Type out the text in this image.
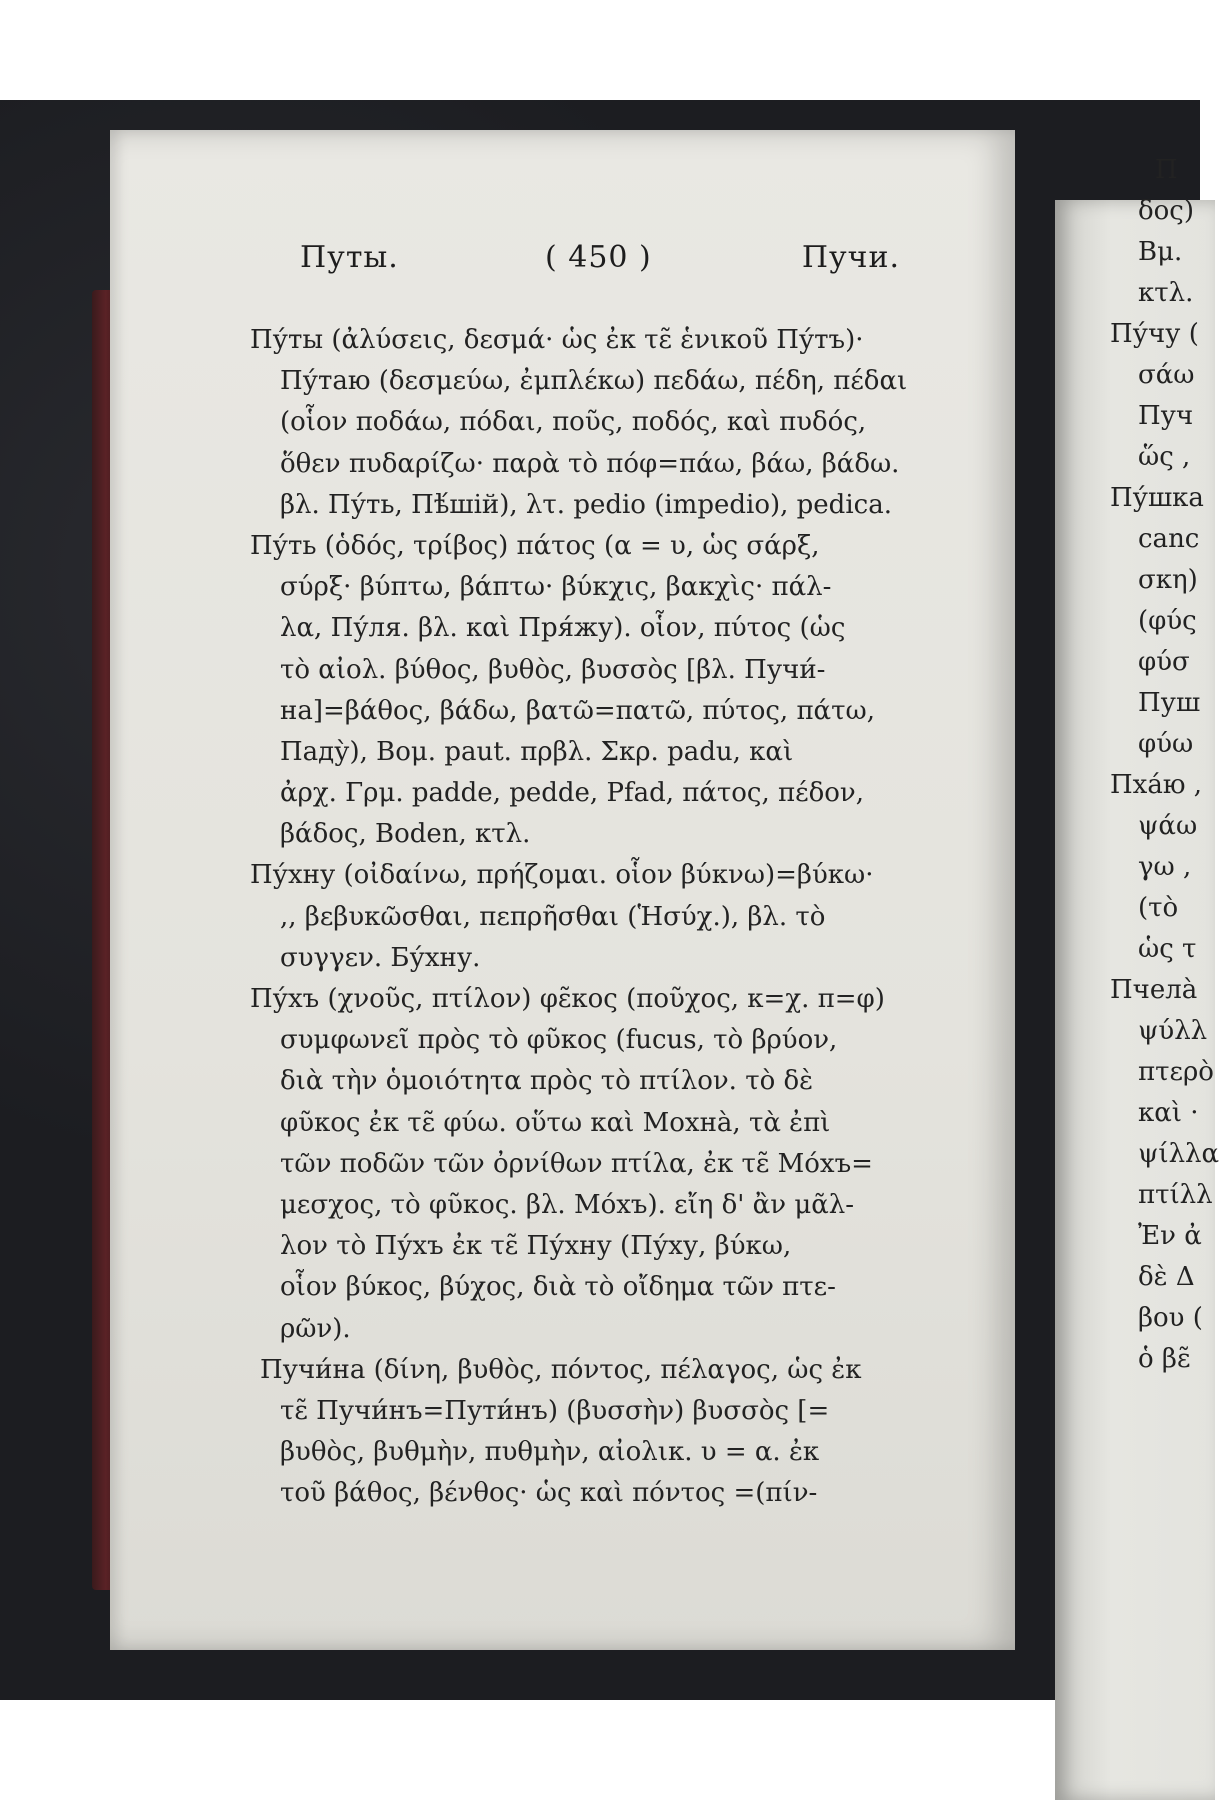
Путы.	( 450 )	Пучи.
Пу́ты (ἀλύσεις, δεσμά· ὡς ἐκ τε̃ ἑνικοῦ Пу́тъ)·
Пу́таю (δεσμεύω, ἐμπλέκω) πεδάω, πέδη, πέδαι
(οἷον ποδάω, πόδαι, ποῦς, ποδός, καὶ πυδός,
ὅθεν πυδαρίζω· παρὰ τὸ πόφ=πάω, βάω, βάδω.
βλ. Пу́ть, Пѣ́шій), λτ. pedio (impedio), pedica.
Пу́ть (ὁδός, τρίβος) πάτος (α = υ, ὡς σάρξ,
σύρξ· βύπτω, βάπτω· βύκχις, βακχὶς· πάλ-
λα, Пу́ля. βλ. καὶ Пря́жу). οἷον, πύτος (ὡς
τὸ αἰολ. βύθος, βυθὸς, βυσσὸς [βλ. Пучи́-
на]=βάθος, βάδω, βατῶ=πατῶ, πύτος, πάτω,
Паду̀), Βομ. paut. πρβλ. Σκρ. padu, καὶ
ἀρχ. Γρμ. padde, pedde, Pfad, πάτος, πέδον,
βάδος, Boden, κτλ.
Пу́хну (οἰδαίνω, πρήζομαι. οἷον βύκνω)=βύκω·
,, βεβυκῶσθαι, πεπρῆσθαι (Ἡσύχ.), βλ. τὸ
συγγεν. Бу́хну.
Пу́хъ (χνοῦς, πτίλον) φε̃κος (ποῦχος, κ=χ. π=φ)
συμφωνεῖ πρὸς τὸ φῦκος (fucus, τὸ βρύον,
διὰ τὴν ὁμοιότητα πρὸς τὸ πτίλον. τὸ δὲ
φῦκος ἐκ τε̃ φύω. οὕτω καὶ Мохна̀, τὰ ἐπὶ
τῶν ποδῶν τῶν ὀρνίθων πτίλα, ἐκ τε̃ Мо́хъ=
μεσχος, τὸ φῦκος. βλ. Мо́хъ). εἴη δ' ἂν μᾶλ-
λον τὸ Пу́хъ ἐκ τε̃ Пу́хну (Пу́ху, βύκω,
οἷον βύκος, βύχος, διὰ τὸ οἴδημα τῶν πτε-
ρῶν).
Пучи́на (δίνη, βυθὸς, πόντος, πέλαγος, ὡς ἐκ
τε̃ Пучи́нъ=Пути́нъ) (βυσσὴν) βυσσὸς [=
βυθὸς, βυθμὴν, πυθμὴν, αἰολικ. υ = α. ἐκ
τοῦ βάθος, βένθος· ὡς καὶ πόντος =(πίν-
П
δος)
Βμ.
κτλ.
Пу́чу (
σάω
Пуч
ὥς ,
Пу́шка
canc
σκη)
(φύς
φύσ
Пуш
φύω
Пха́ю ,
ψάω
γω ,
(τὸ
ὡς τ
Пчела̀
ψύλλ
πτερὸ
καὶ ·
ψίλλα
πτίλλ
Ἐν ἀ
δὲ Δ
βου (
ὁ βε̃
